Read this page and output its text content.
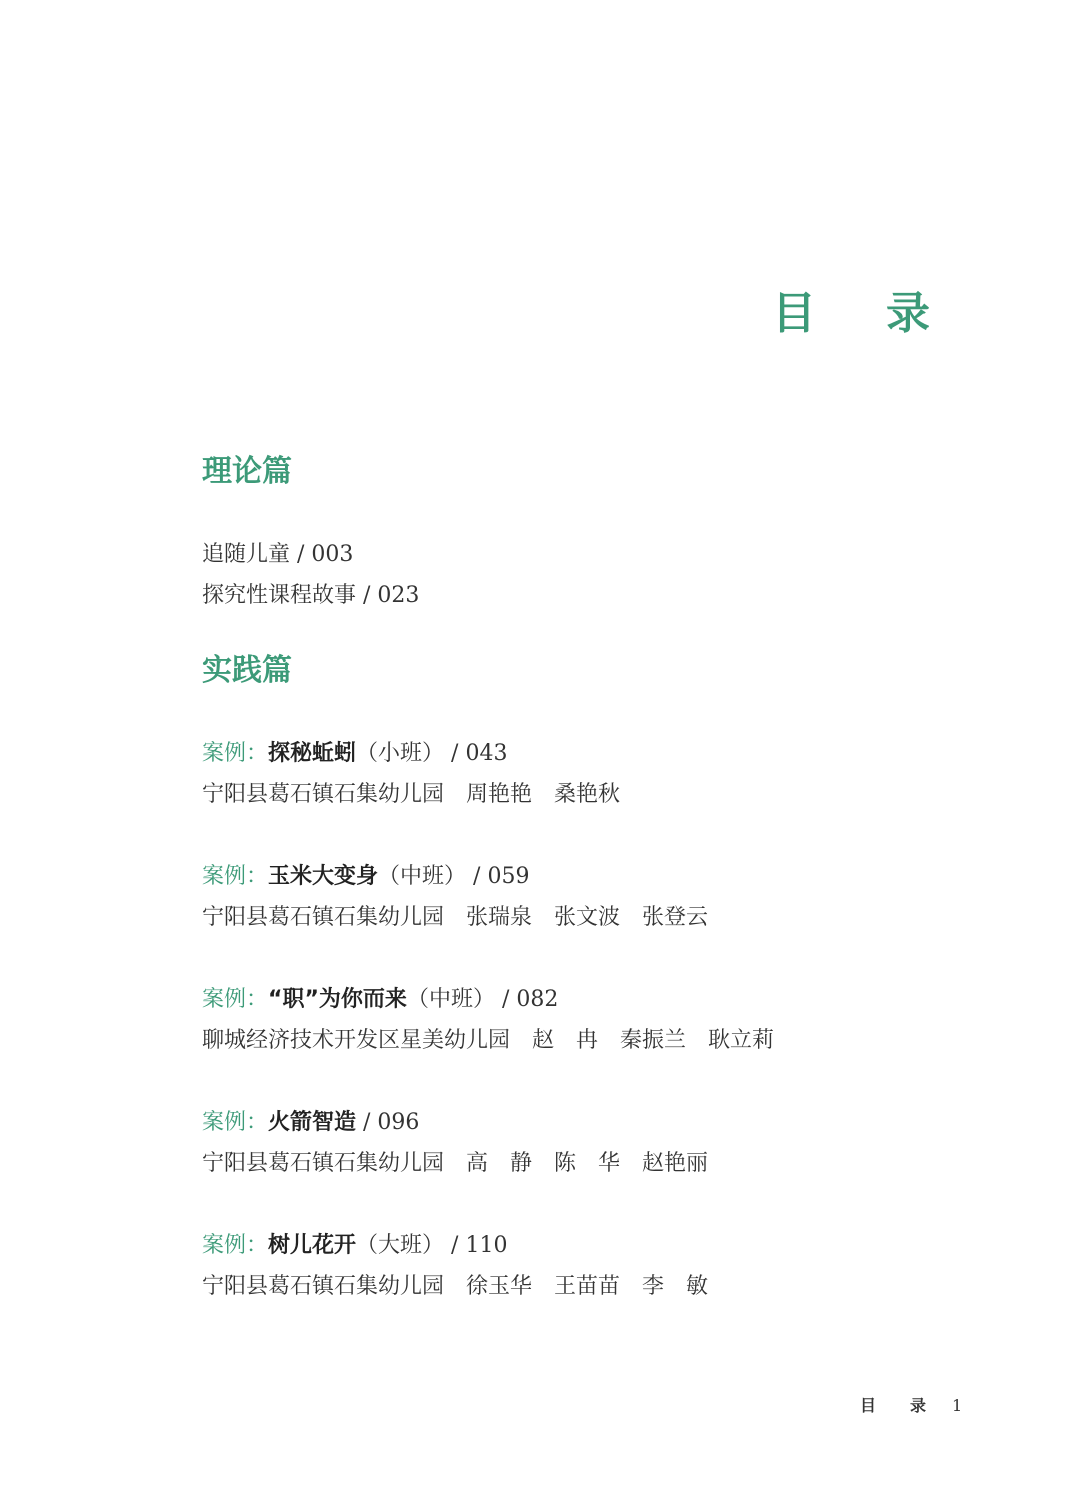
目 录
理论篇
追随儿童 / 003
探究性课程故事 / 023
实践篇
案例：探秘蚯蚓（小班） / 043
宁阳县葛石镇石集幼儿园 周艳艳 桑艳秋
案例：玉米大变身（中班） / 059
宁阳县葛石镇石集幼儿园 张瑞泉 张文波 张登云
案例：“职”为你而来（中班） / 082
聊城经济技术开发区星美幼儿园 赵　冉 秦振兰 耿立莉
案例：火箭智造 / 096
宁阳县葛石镇石集幼儿园 高　静 陈　华 赵艳丽
案例：树儿花开（大班） / 110
宁阳县葛石镇石集幼儿园 徐玉华 王苗苗 李　敏
目 录 1
